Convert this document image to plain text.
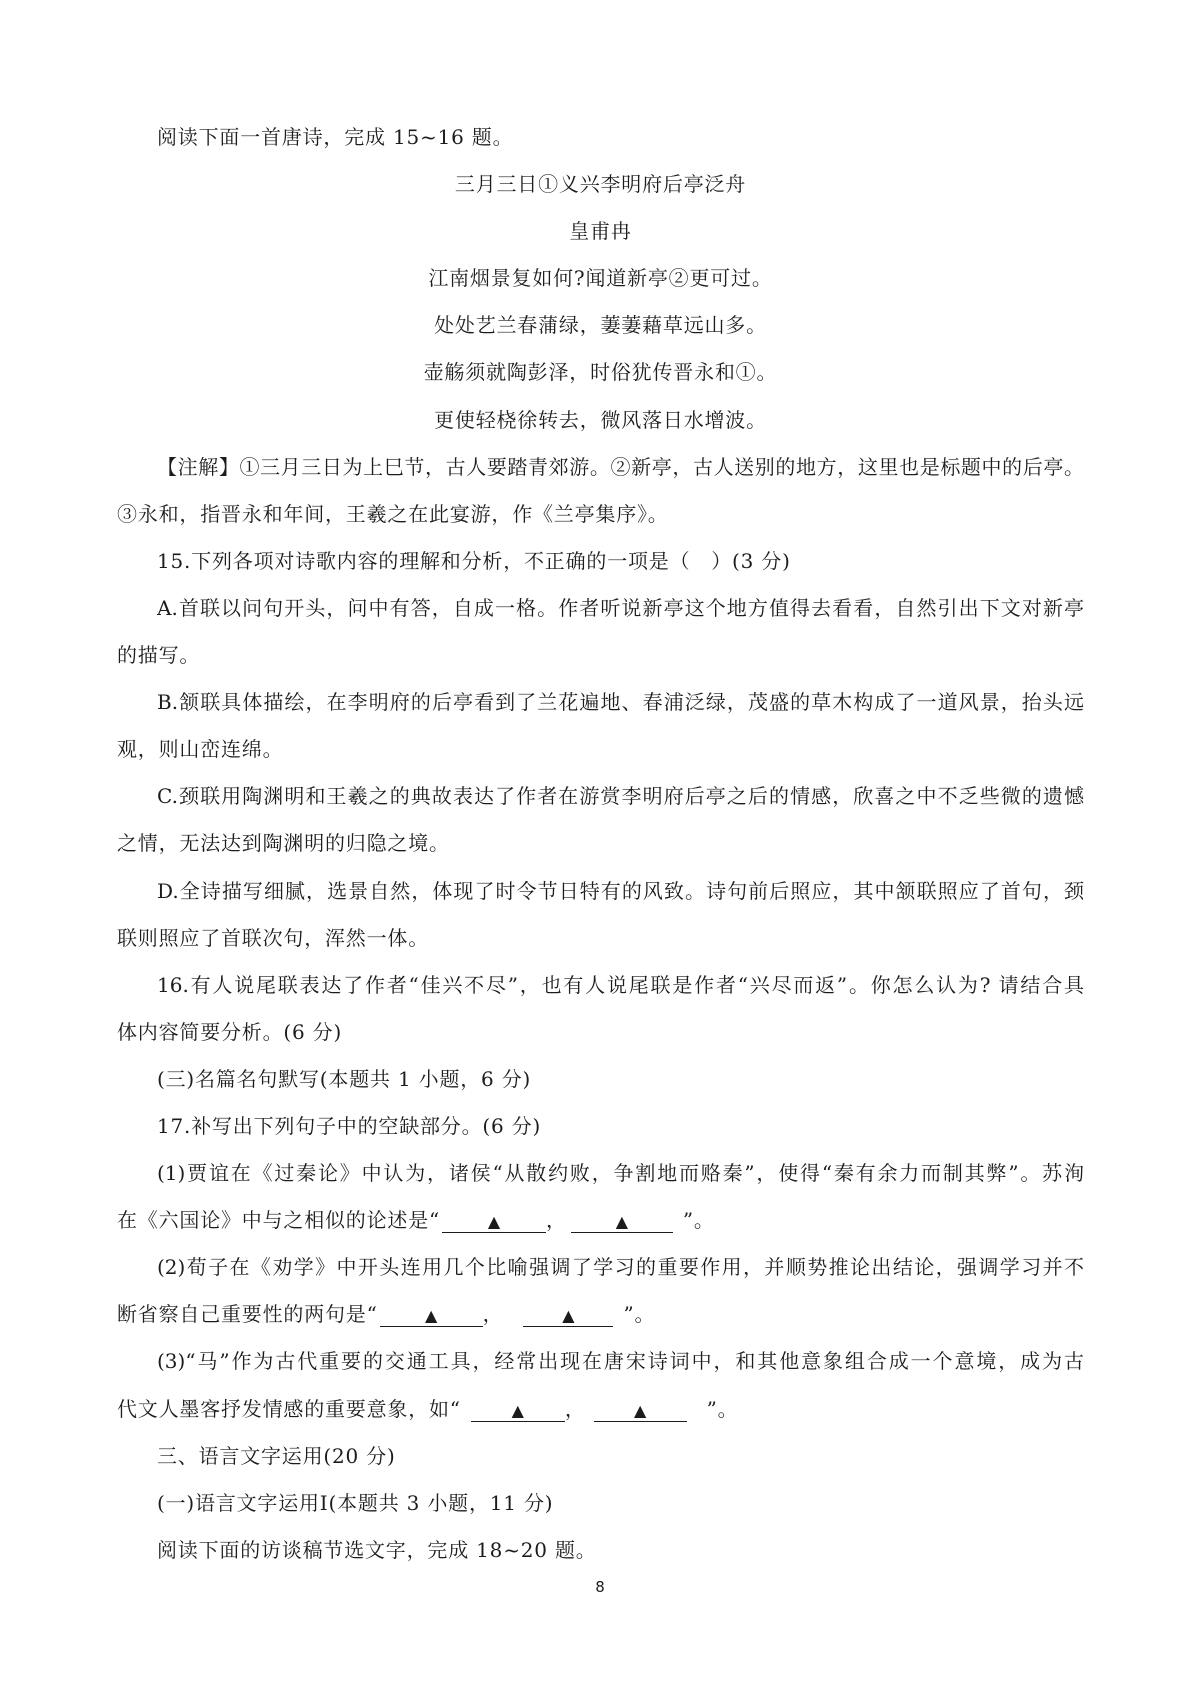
阅读下面一首唐诗，完成 15~16 题。
三月三日①义兴李明府后亭泛舟
皇甫冉
江南烟景复如何?闻道新亭②更可过。
处处艺兰春蒲绿，萋萋藉草远山多。
壶觞须就陶彭泽，时俗犹传晋永和①。
更使轻桡徐转去，微风落日水增波。
【注解】①三月三日为上巳节，古人要踏青郊游。②新亭，古人送别的地方，这里也是标题中的后亭。
③永和，指晋永和年间，王羲之在此宴游，作《兰亭集序》。
15.下列各项对诗歌内容的理解和分析，不正确的一项是（　）(3 分)
A.首联以问句开头，问中有答，自成一格。作者听说新亭这个地方值得去看看，自然引出下文对新亭
的描写。
B.颔联具体描绘，在李明府的后亭看到了兰花遍地、春浦泛绿，茂盛的草木构成了一道风景，抬头远
观，则山峦连绵。
C.颈联用陶渊明和王羲之的典故表达了作者在游赏李明府后亭之后的情感，欣喜之中不乏些微的遗憾
之情，无法达到陶渊明的归隐之境。
D.全诗描写细腻，选景自然，体现了时令节日特有的风致。诗句前后照应，其中颔联照应了首句，颈
联则照应了首联次句，浑然一体。
16.有人说尾联表达了作者“佳兴不尽”，也有人说尾联是作者“兴尽而返”。你怎么认为? 请结合具
体内容简要分析。(6 分)
(三)名篇名句默写(本题共 1 小题，6 分)
17.补写出下列句子中的空缺部分。(6 分)
(1)贾谊在《过秦论》中认为，诸侯“从散约败，争割地而赂秦”，使得“秦有余力而制其弊”。苏洵
在《六国论》中与之相似的论述是“	▲ ，	▲	”。
(2)荀子在《劝学》中开头连用几个比喻强调了学习的重要作用，并顺势推论出结论，强调学习并不
断省察自己重要性的两句是“	▲ ，	▲ ”。
(3)“马”作为古代重要的交通工具，经常出现在唐宋诗词中，和其他意象组合成一个意境，成为古
代文人墨客抒发情感的重要意象，如“	▲ ，	▲	”。
三、语言文字运用(20 分)
(一)语言文字运用Ⅰ(本题共 3 小题，11 分)
阅读下面的访谈稿节选文字，完成 18~20 题。
8
